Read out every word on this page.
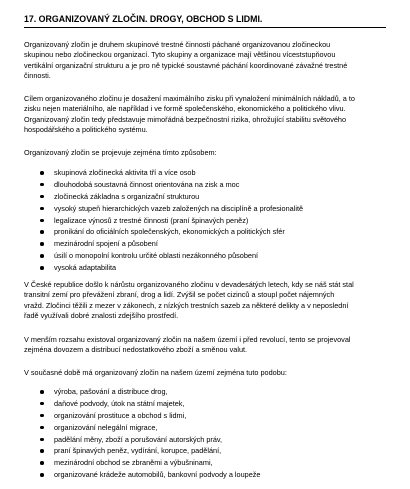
17. ORGANIZOVANÝ ZLOČIN. DROGY, OBCHOD S LIDMI.
Organizovaný zločin je druhem skupinové trestné činnosti páchané organizovanou zločineckou
skupinou nebo zločineckou organizací. Tyto skupiny a organizace mají většinou víceststupňovou
vertikální organizační strukturu a je pro ně typické soustavné páchání koordinované závažné trestné
činnosti.
Cílem organizovaného zločinu je dosažení maximálního zisku při vynaložení minimálních nákladů, a to
zisku nejen materiálního, ale například i ve formě společenského, ekonomického a politického vlivu.
Organizovaný zločin tedy představuje mimořádná bezpečnostní rizika, ohrožující stabilitu světového
hospodářského a politického systému.
Organizovaný zločin se projevuje zejména tímto způsobem:
skupinová zločinecká aktivita tří a více osob
dlouhodobá soustavná činnost orientována na zisk a moc
zločinecká základna s organizační strukturou
vysoký stupeň hierarchických vazeb založených na disciplíně a profesionalitě
legalizace výnosů z trestné činnosti (praní špinavých peněz)
pronikání do oficiálních společenských, ekonomických a politických sfér
mezinárodní spojení a působení
úsilí o monopolní kontrolu určité oblasti nezákonného působení
vysoká adaptabilita
V České republice došlo k nárůstu organizovaného zločinu v devadesátých letech, kdy se náš stát stal
transitní zemí pro převážení zbraní, drog a lidí. Zvýšil se počet cizinců a stoupl počet nájemných
vražd. Zločinci těžili z mezer v zákonech, z nízkých trestních sazeb za některé delikty a v neposlední
řadě využívali dobré znalosti zdejšího prostředí.
V menším rozsahu existoval organizovaný zločin na našem území i před revolucí, tento se projevoval
zejména dovozem a distribucí nedostatkového zboží a směnou valut.
V současné době má organizovaný zločin na našem území zejména tuto podobu:
výroba, pašování a distribuce drog,
daňové podvody, útok na státní majetek,
organizování prostituce a obchod s lidmi,
organizování nelegální migrace,
padělání měny, zboží a porušování autorských práv,
praní špinavých peněz, vydírání, korupce, padělání,
mezinárodní obchod se zbraněmi a výbušninami,
organizované krádeže automobilů, bankovní podvody a loupeže
